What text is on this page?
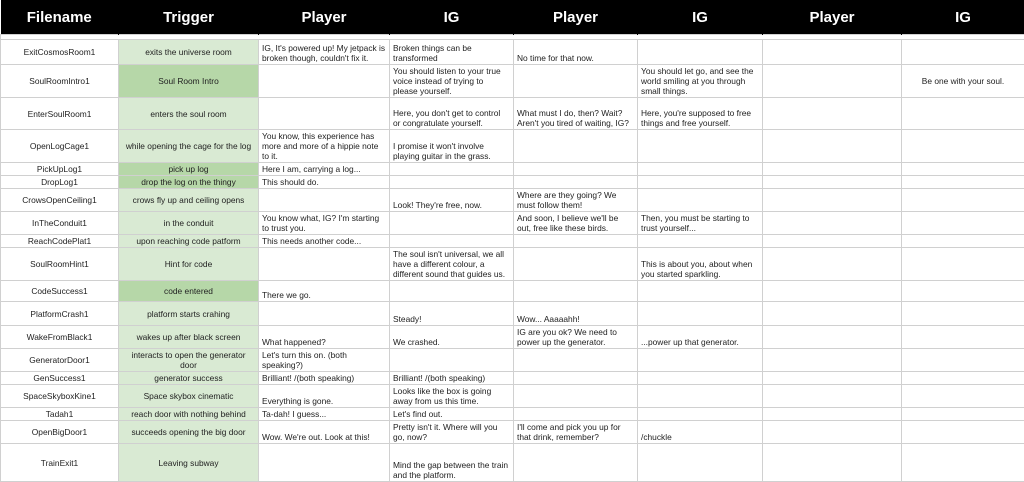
Filename	Trigger	Player	IG	Player	IG	Player	IG

ExitCosmosRoom1	exits the universe room	IG, It's powered up! My jetpack is broken though, couldn't fix it.	Broken things can be transformed	No time for that now.			
SoulRoomIntro1	Soul Room Intro		You should listen to your true voice instead of trying to please yourself.		You should let go, and see the world smiling at you through small things.		Be one with your soul.
EnterSoulRoom1	enters the soul room		Here, you don't get to control or congratulate yourself.	What must I do, then? Wait? Aren't you tired of waiting, IG?	Here, you're supposed to free things and free yourself.		
OpenLogCage1	while opening the cage for the log	You know, this experience has more and more of a hippie note to it.	I promise it won't involve playing guitar in the grass.				
PickUpLog1	pick up log	Here I am, carrying a log...					
DropLog1	drop the log on the thingy	This should do.					
CrowsOpenCeiling1	crows fly up and ceiling opens		Look! They're free, now.	Where are they going? We must follow them!			
InTheConduit1	in the conduit	You know what, IG? I'm starting to trust you.		And soon, I believe we'll be out, free like these birds.	Then, you must be starting to trust yourself...		
ReachCodePlat1	upon reaching code patform	This needs another code...					
SoulRoomHint1	Hint for code		The soul isn't universal, we all have a different colour, a different sound that guides us.		This is about you, about when you started sparkling.		
CodeSuccess1	code entered	There we go.					
PlatformCrash1	platform starts crahing		Steady!	Wow... Aaaaahh!			
WakeFromBlack1	wakes up after black screen	What happened?	We crashed.	IG are you ok? We need to power up the generator.	...power up that generator.		
GeneratorDoor1	interacts to open the generator door	Let's turn this on. (both speaking?)					
GenSuccess1	generator success	Brilliant! /(both speaking)	Brilliant! /(both speaking)				
SpaceSkyboxKine1	Space skybox cinematic	Everything is gone.	Looks like the box is going away from us this time.				
Tadah1	reach door with nothing behind	Ta-dah! I guess...	Let's find out.				
OpenBigDoor1	succeeds opening the big door	Wow. We're out. Look at this!	Pretty isn't it. Where will you go, now?	I'll come and pick you up for that drink, remember?	/chuckle		
TrainExit1	Leaving subway		Mind the gap between the train and the platform.				
